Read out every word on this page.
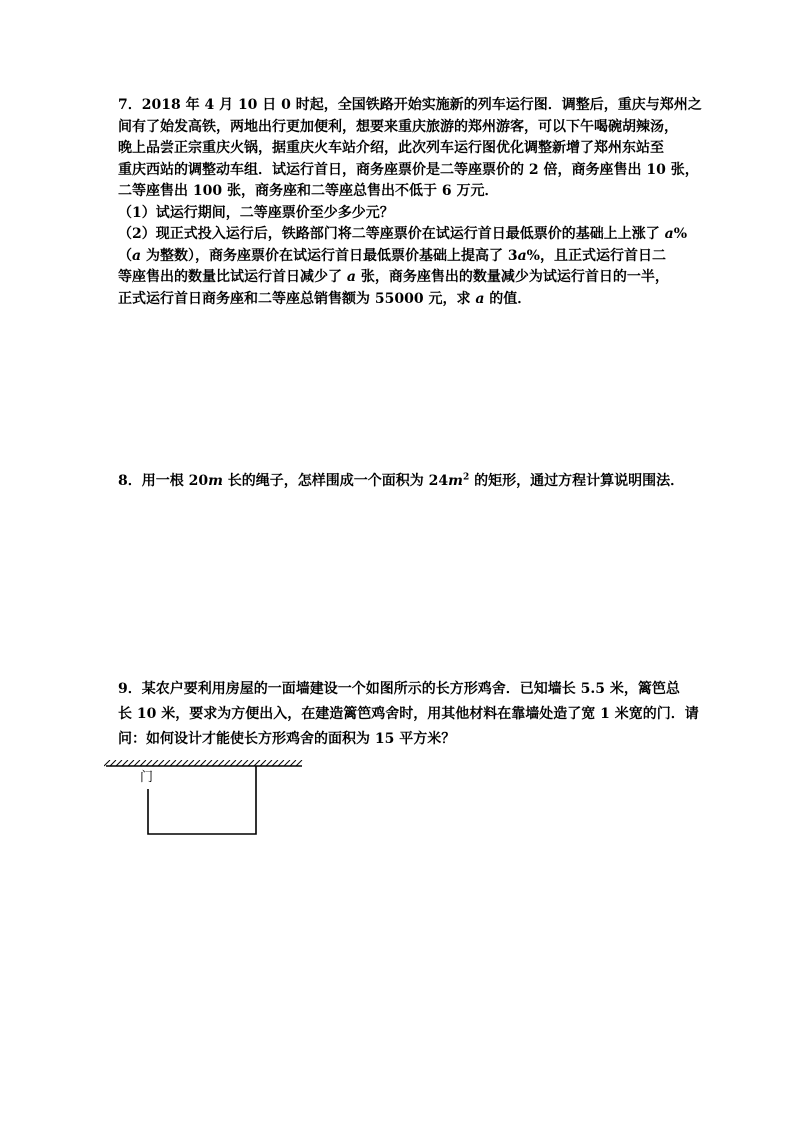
7．2018 年 4 月 10 日 0 时起，全国铁路开始实施新的列车运行图．调整后，重庆与郑州之
间有了始发高铁，两地出行更加便利，想要来重庆旅游的郑州游客，可以下午喝碗胡辣汤，
晚上品尝正宗重庆火锅，据重庆火车站介绍，此次列车运行图优化调整新增了郑州东站至
重庆西站的调整动车组．试运行首日，商务座票价是二等座票价的 2 倍，商务座售出 10 张，
二等座售出 100 张，商务座和二等座总售出不低于 6 万元．
（1）试运行期间，二等座票价至少多少元？
（2）现正式投入运行后，铁路部门将二等座票价在试运行首日最低票价的基础上上涨了 a%
（a 为整数），商务座票价在试运行首日最低票价基础上提高了 3a%，且正式运行首日二
等座售出的数量比试运行首日减少了 a 张，商务座售出的数量减少为试运行首日的一半，
正式运行首日商务座和二等座总销售额为 55000 元，求 a 的值．
8．用一根 20m 长的绳子，怎样围成一个面积为 $24m^2$ 的矩形，通过方程计算说明围法．
9．某农户要利用房屋的一面墙建设一个如图所示的长方形鸡舍．已知墙长 5.5 米，篱笆总
长 10 米，要求为方便出入，在建造篱笆鸡舍时，用其他材料在靠墙处造了宽 1 米宽的门．请
问：如何设计才能使长方形鸡舍的面积为 15 平方米？
门
